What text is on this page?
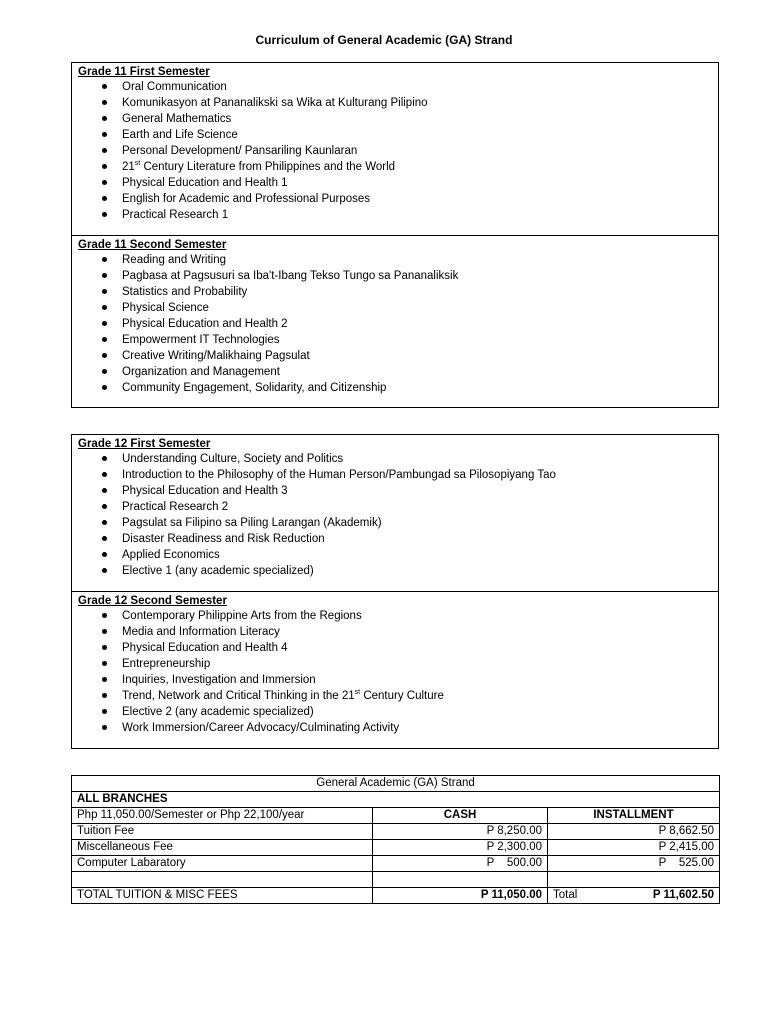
Curriculum of General Academic (GA) Strand
Grade 11 First Semester
Oral Communication
Komunikasyon at Pananalikski sa Wika at Kulturang Pilipino
General Mathematics
Earth and Life Science
Personal Development/ Pansariling Kaunlaran
21st Century Literature from Philippines and the World
Physical Education and Health 1
English for Academic and Professional Purposes
Practical Research 1
Grade 11 Second Semester
Reading and Writing
Pagbasa at Pagsusuri sa Iba't-Ibang Tekso Tungo sa Pananaliksik
Statistics and Probability
Physical Science
Physical Education and Health 2
Empowerment IT Technologies
Creative Writing/Malikhaing Pagsulat
Organization and Management
Community Engagement, Solidarity, and Citizenship
Grade 12 First Semester
Understanding Culture, Society and Politics
Introduction to the Philosophy of the Human Person/Pambungad sa Pilosopiyang Tao
Physical Education and Health 3
Practical Research 2
Pagsulat sa Filipino sa Piling Larangan (Akademik)
Disaster Readiness and Risk Reduction
Applied Economics
Elective 1 (any academic specialized)
Grade 12 Second Semester
Contemporary Philippine Arts from the Regions
Media and Information Literacy
Physical Education and Health 4
Entrepreneurship
Inquiries, Investigation and Immersion
Trend, Network and Critical Thinking in the 21st Century Culture
Elective 2 (any academic specialized)
Work Immersion/Career Advocacy/Culminating Activity
General Academic (GA) Strand		
ALL BRANCHES		
Php 11,050.00/Semester or Php 22,100/year	CASH	INSTALLMENT
Tuition Fee	P 8,250.00	P 8,662.50
Miscellaneous Fee	P 2,300.00	P 2,415.00
Computer Labaratory	P    500.00	P    525.00

TOTAL TUITION & MISC FEES	P 11,050.00	Total P 11,602.50
